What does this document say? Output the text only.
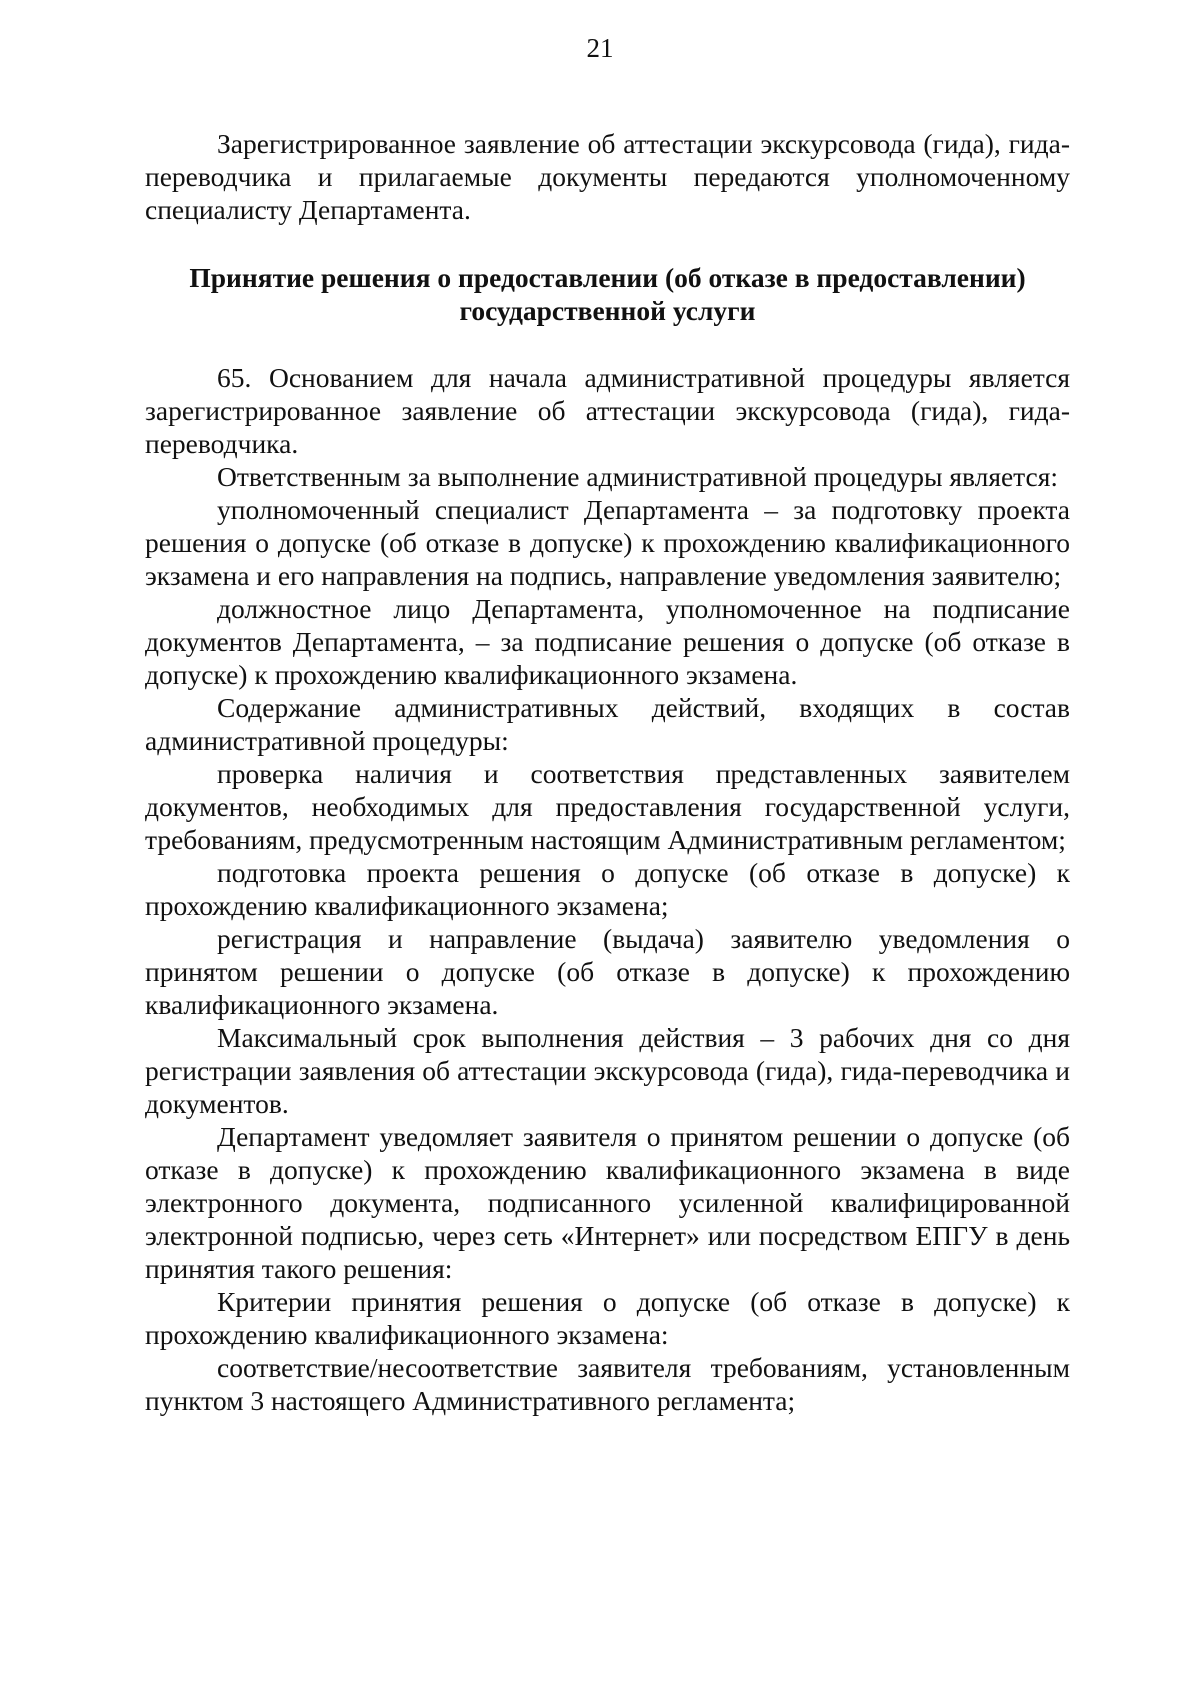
21

Зарегистрированное заявление об аттестации экскурсовода (гида), гида-переводчика и прилагаемые документы передаются уполномоченному специалисту Департамента.

Принятие решения о предоставлении (об отказе в предоставлении)
государственной услуги

65. Основанием для начала административной процедуры является зарегистрированное заявление об аттестации экскурсовода (гида), гида-переводчика.

Ответственным за выполнение административной процедуры является:

уполномоченный специалист Департамента – за подготовку проекта решения о допуске (об отказе в допуске) к прохождению квалификационного экзамена и его направления на подпись, направление уведомления заявителю;

должностное лицо Департамента, уполномоченное на подписание документов Департамента, – за подписание решения о допуске (об отказе в допуске) к прохождению квалификационного экзамена.

Содержание административных действий, входящих в состав административной процедуры:

проверка наличия и соответствия представленных заявителем документов, необходимых для предоставления государственной услуги, требованиям, предусмотренным настоящим Административным регламентом;

подготовка проекта решения о допуске (об отказе в допуске) к прохождению квалификационного экзамена;

регистрация и направление (выдача) заявителю уведомления о принятом решении о допуске (об отказе в допуске) к прохождению квалификационного экзамена.

Максимальный срок выполнения действия – 3 рабочих дня со дня регистрации заявления об аттестации экскурсовода (гида), гида-переводчика и документов.

Департамент уведомляет заявителя о принятом решении о допуске (об отказе в допуске) к прохождению квалификационного экзамена в виде электронного документа, подписанного усиленной квалифицированной электронной подписью, через сеть «Интернет» или посредством ЕПГУ в день принятия такого решения:

Критерии принятия решения о допуске (об отказе в допуске) к прохождению квалификационного экзамена:

соответствие/несоответствие заявителя требованиям, установленным пунктом 3 настоящего Административного регламента;
